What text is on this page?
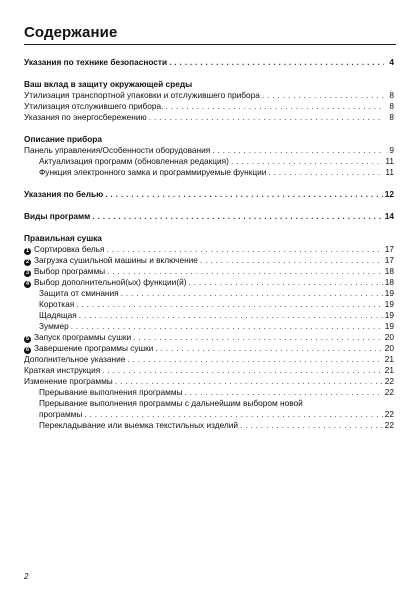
Содержание
Указания по технике безопасности . . .	4
Ваш вклад в защиту окружающей среды
Утилизация транспортной упаковки и отслужившего прибора . . .	8
Утилизация отслужившего прибора. . . .	8
Указания по энергосбережению . . .	8
Описание прибора
Панель управления/Особенности оборудования . . .	9
Актуализация программ (обновленная редакция) . . .	11
Функция электронного замка и программируемые функции . . .	11
Указания по белью . . .	12
Виды программ . . .	14
Правильная сушка
1 Сортировка белья . . .	17
2 Загрузка сушильной машины и включение . . .	17
3 Выбор программы . . .	18
4 Выбор дополнительной(ых) функции(й) . . .	18
Защита от сминания . . .	19
Короткая . . .	19
Щадящая . . .	19
Зуммер . . .	19
5 Запуск программы сушки . . .	20
6 Завершение программы сушки . . .	20
Дополнительное указание . . .	21
Краткая инструкция . . .	21
Изменение программы . . .	22
Прерывание выполнения программы . . .	22
Прерывание выполнения программы с дальнейшим выбором новой
программы . . .	22
Перекладывание или выемка текстильных изделий . . .	22
2
